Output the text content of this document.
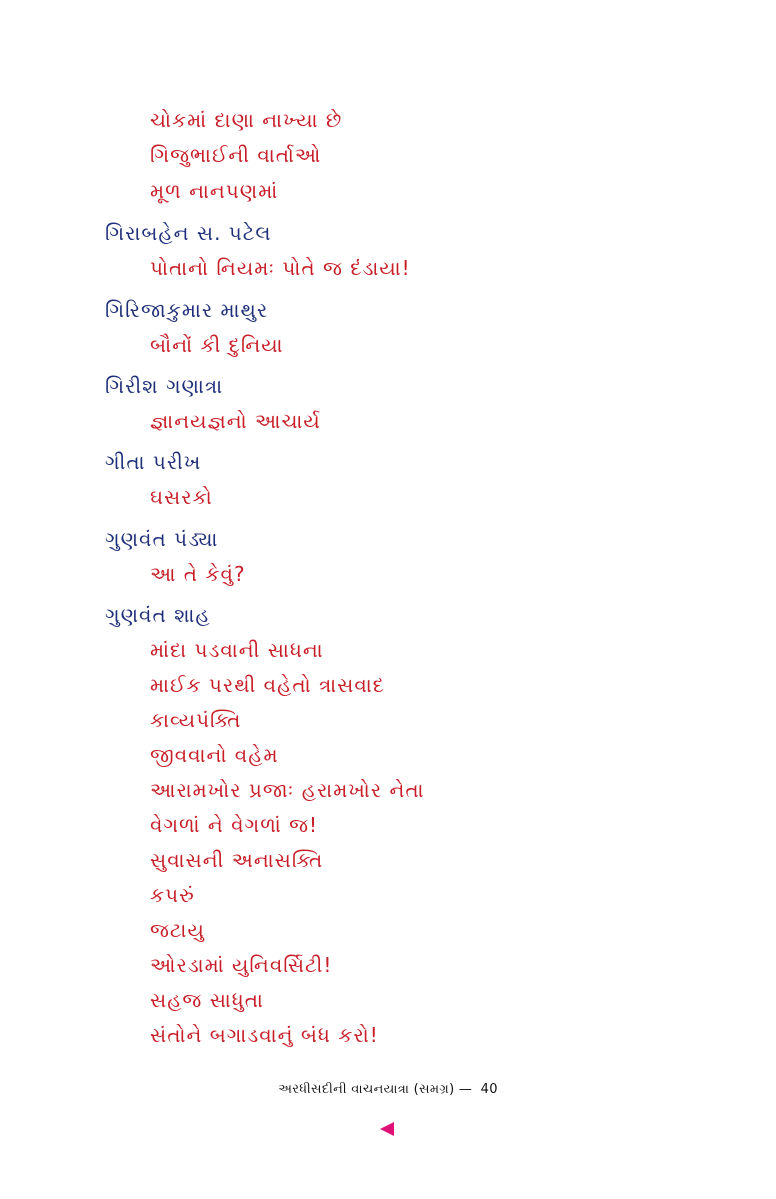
ચોકમાં દાણા નાખ્યા છે
ગિજુભાઈની વાર્તાઓ
મૂળ નાનપણમાં
ગિરાબહેન સ. પટેલ
પોતાનો નિયમઃ પોતે જ દંડાયા!
ગિરિજાકુમાર માથુર
બૌનોં કી દુનિયા
ગિરીશ ગણાત્રા
જ્ઞાનયજ્ઞનો આચાર્ય
ગીતા પરીખ
ઘસરકો
ગુણવંત પંડ્યા
આ તે કેવું?
ગુણવંત શાહ
માંદા પડવાની સાધના
માઈક પરથી વહેતો ત્રાસવાદ
કાવ્યપંક્તિ
જીવવાનો વહેમ
આરામખોર પ્રજાઃ હરામખોર નેતા
વેગળાં ને વેગળાં જ!
સુવાસની અનાસક્તિ
કપરું
જટાયુ
ઓરડામાં યુનિવર્સિટી!
સહજ સાધુતા
સંતોને બગાડવાનું બંધ કરો!
અરધીસદીની વાચનયાત્રા (સમગ્ર) — 40
